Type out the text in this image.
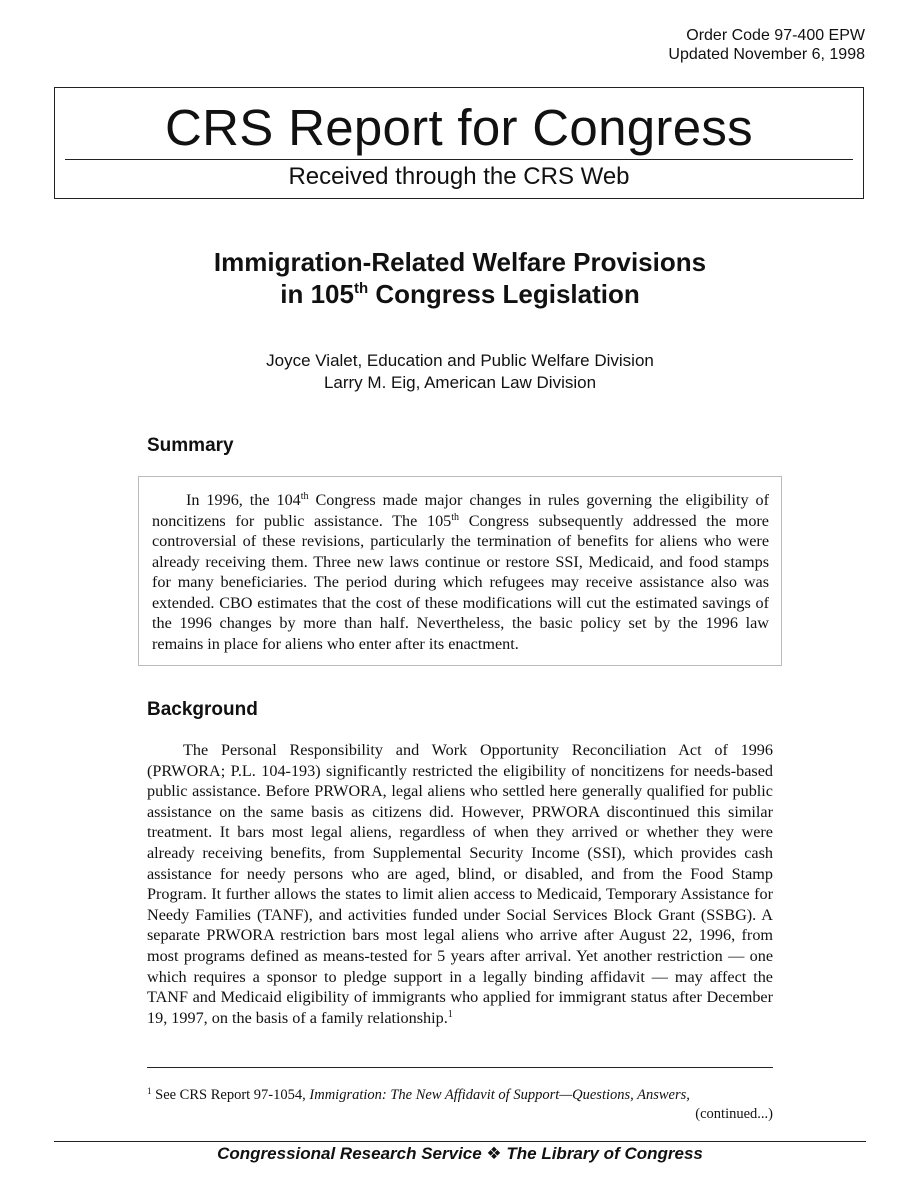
Order Code 97-400 EPW
Updated November 6, 1998
CRS Report for Congress
Received through the CRS Web
Immigration-Related Welfare Provisions
in 105th Congress Legislation
Joyce Vialet, Education and Public Welfare Division
Larry M. Eig, American Law Division
Summary
In 1996, the 104th Congress made major changes in rules governing the eligibility of noncitizens for public assistance. The 105th Congress subsequently addressed the more controversial of these revisions, particularly the termination of benefits for aliens who were already receiving them. Three new laws continue or restore SSI, Medicaid, and food stamps for many beneficiaries. The period during which refugees may receive assistance also was extended. CBO estimates that the cost of these modifications will cut the estimated savings of the 1996 changes by more than half. Nevertheless, the basic policy set by the 1996 law remains in place for aliens who enter after its enactment.
Background
The Personal Responsibility and Work Opportunity Reconciliation Act of 1996 (PRWORA; P.L. 104-193) significantly restricted the eligibility of noncitizens for needs-based public assistance. Before PRWORA, legal aliens who settled here generally qualified for public assistance on the same basis as citizens did. However, PRWORA discontinued this similar treatment. It bars most legal aliens, regardless of when they arrived or whether they were already receiving benefits, from Supplemental Security Income (SSI), which provides cash assistance for needy persons who are aged, blind, or disabled, and from the Food Stamp Program. It further allows the states to limit alien access to Medicaid, Temporary Assistance for Needy Families (TANF), and activities funded under Social Services Block Grant (SSBG). A separate PRWORA restriction bars most legal aliens who arrive after August 22, 1996, from most programs defined as means-tested for 5 years after arrival. Yet another restriction — one which requires a sponsor to pledge support in a legally binding affidavit — may affect the TANF and Medicaid eligibility of immigrants who applied for immigrant status after December 19, 1997, on the basis of a family relationship.$^1$
$^1$ See CRS Report 97-1054, Immigration: The New Affidavit of Support—Questions, Answers,
(continued...)
Congressional Research Service ❖ The Library of Congress
